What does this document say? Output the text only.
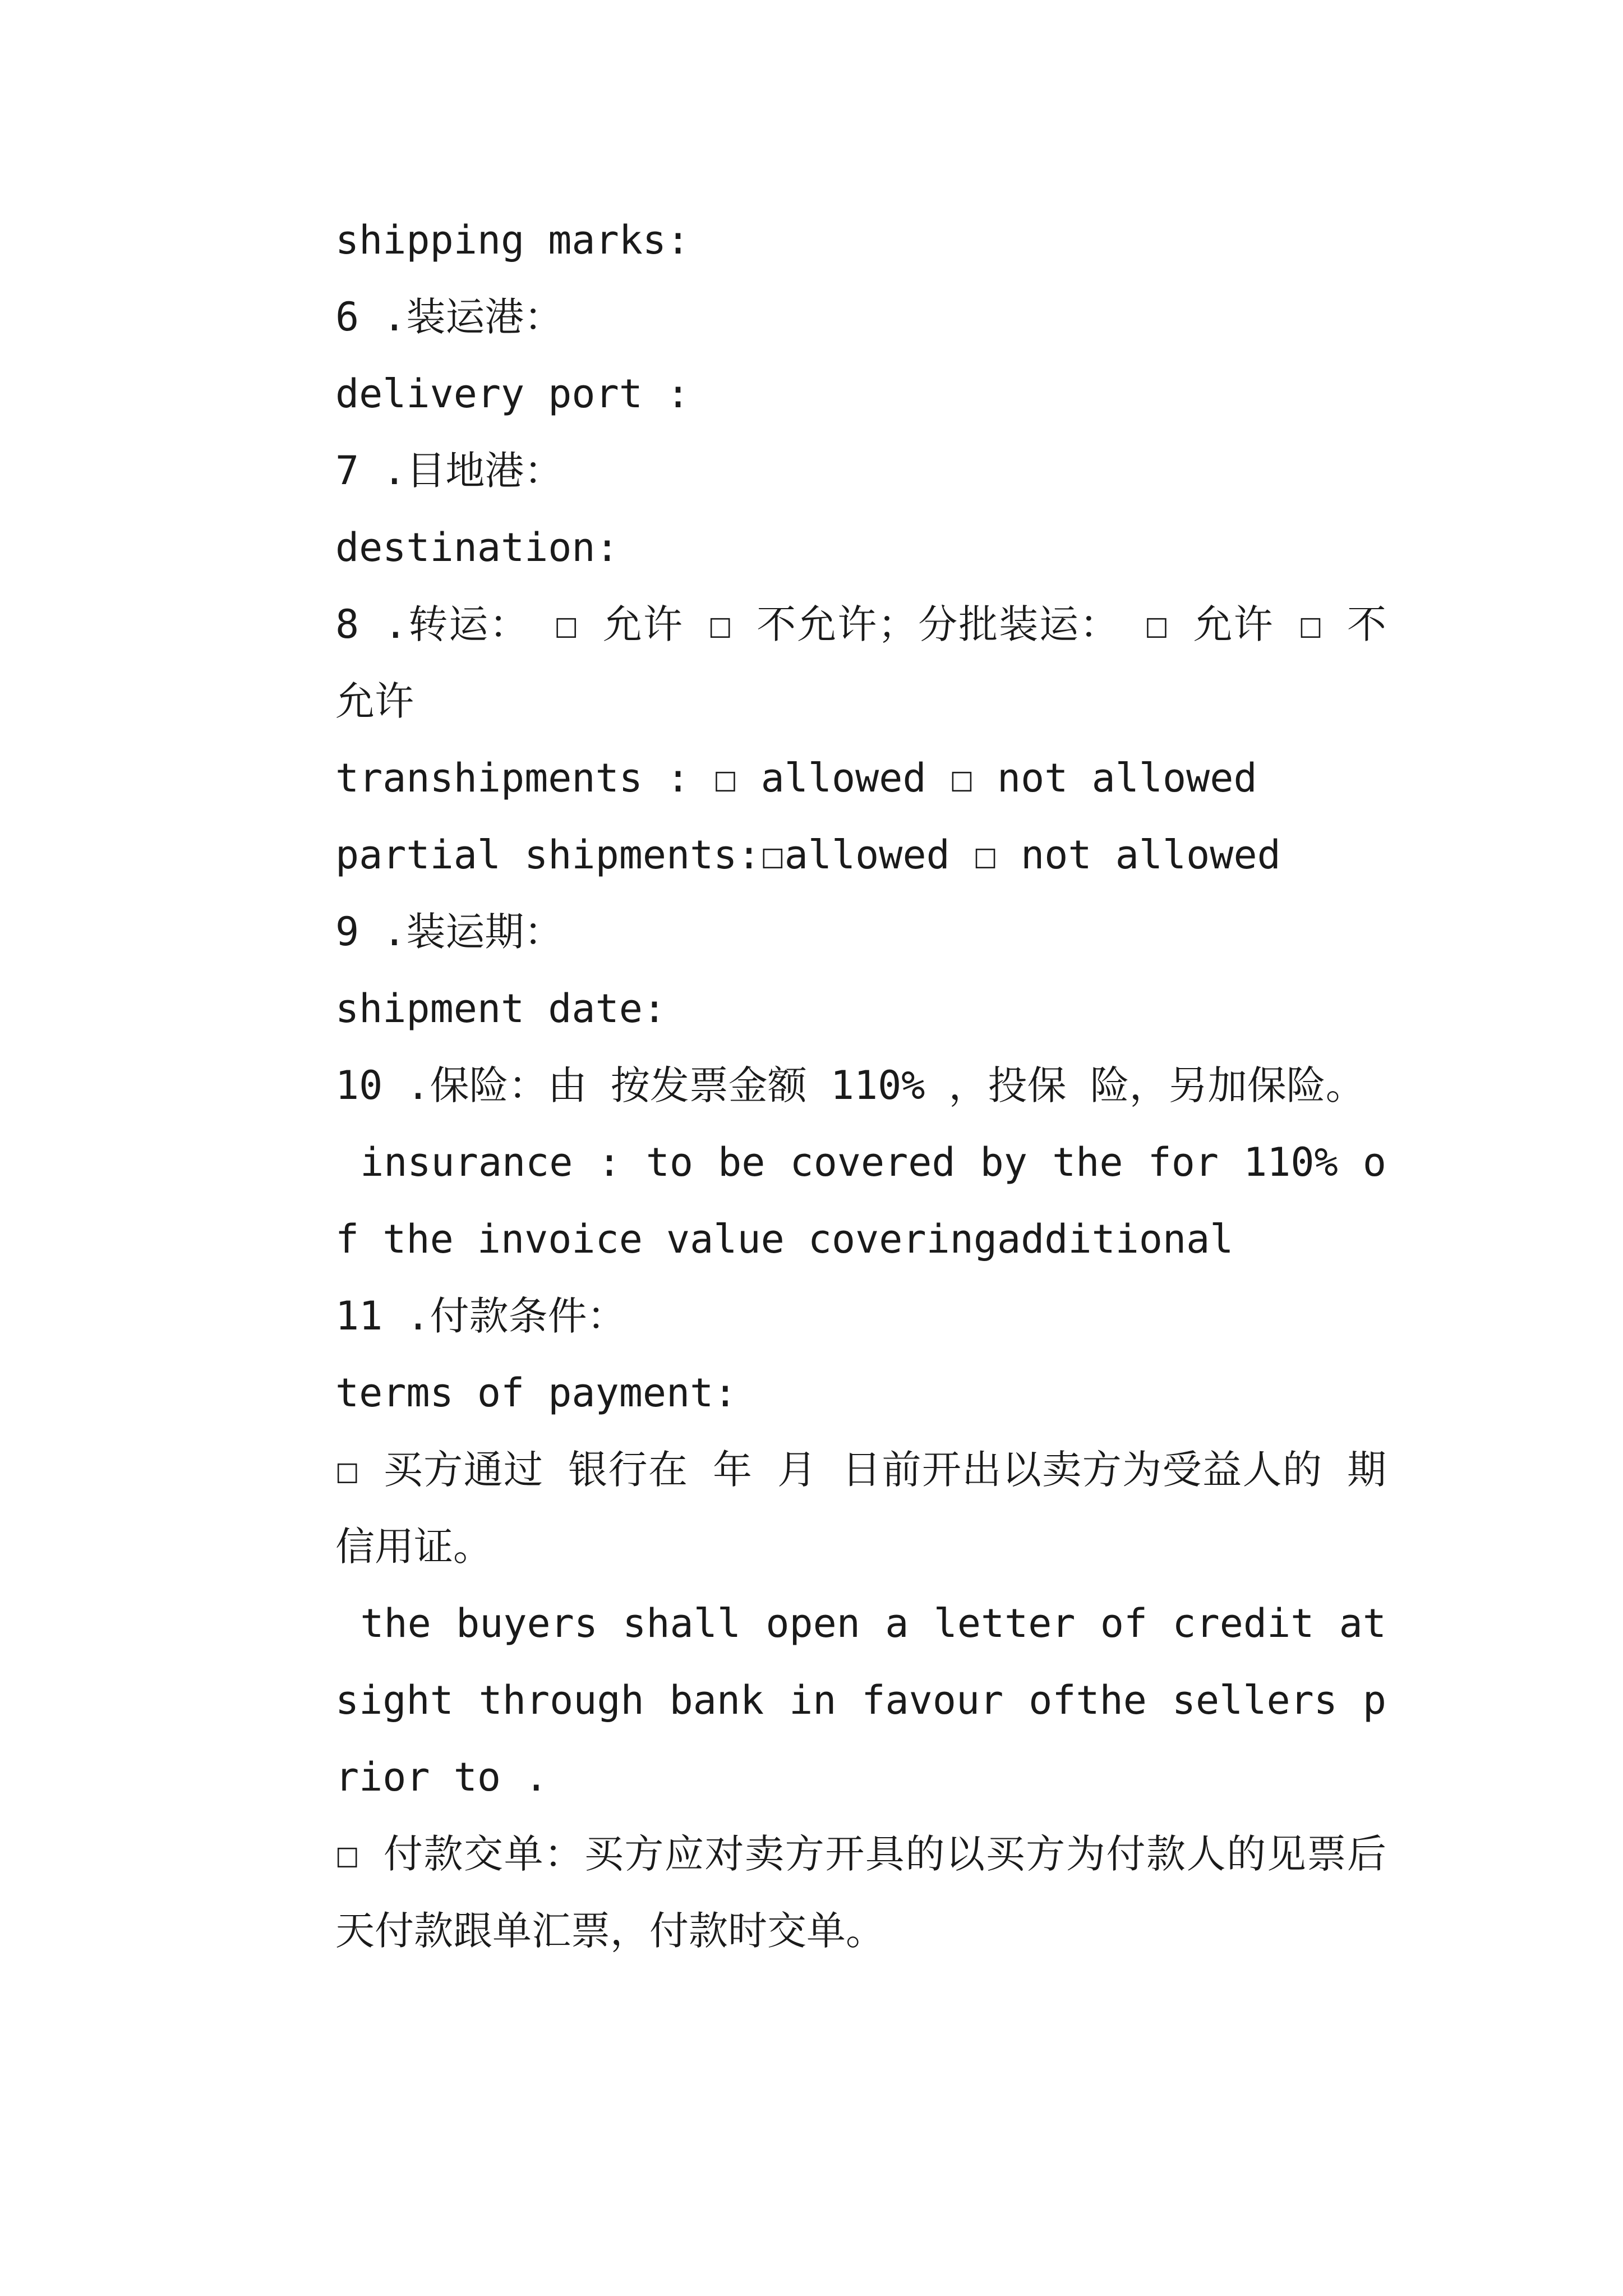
shipping marks:
6 .装运港：
delivery port :
7 .目地港：
destination:
8 .转运： ☐ 允许 ☐ 不允许；分批装运： ☐ 允许 ☐ 不允许
transhipments : ☐ allowed ☐ not allowed
partial shipments:☐allowed ☐ not allowed
9 .装运期：
shipment date:
10 .保险：由 按发票金额 110% ，投保 险，另加保险。
insurance : to be covered by the for 110% of the invoice value coveringadditional
11 .付款条件：
terms of payment:
☐ 买方通过 银行在 年 月 日前开出以卖方为受益人的 期信用证。
the buyers shall open a letter of credit at sight through bank in favour ofthe sellers prior to .
☐ 付款交单：买方应对卖方开具的以买方为付款人的见票后 天付款跟单汇票，付款时交单。
